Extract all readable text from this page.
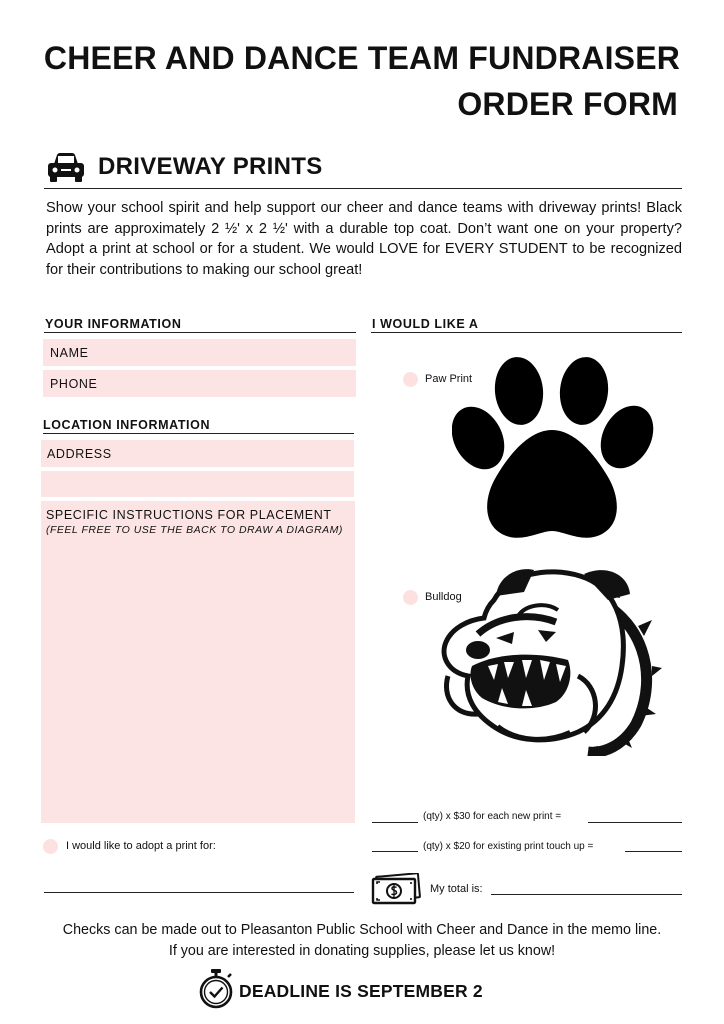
CHEER AND DANCE TEAM FUNDRAISER
ORDER FORM
DRIVEWAY PRINTS
Show your school spirit and help support our cheer and dance teams with driveway prints! Black prints are approximately 2 ½' x 2 ½' with a durable top coat. Don’t want one on your property? Adopt a print at school or for a student. We would LOVE for EVERY STUDENT to be recognized for their contributions to making our school great!
YOUR INFORMATION
NAME
PHONE
LOCATION INFORMATION
ADDRESS
SPECIFIC INSTRUCTIONS FOR PLACEMENT
(FEEL FREE TO USE THE BACK TO DRAW A DIAGRAM)
I would like to adopt a print for:
I WOULD LIKE A
Paw Print
Bulldog
(qty) x $30 for each new print =
(qty) x $20 for existing print touch up =
My total is:
Checks can be made out to Pleasanton Public School with Cheer and Dance in the memo line.
If you are interested in donating supplies, please let us know!
DEADLINE IS SEPTEMBER 2
